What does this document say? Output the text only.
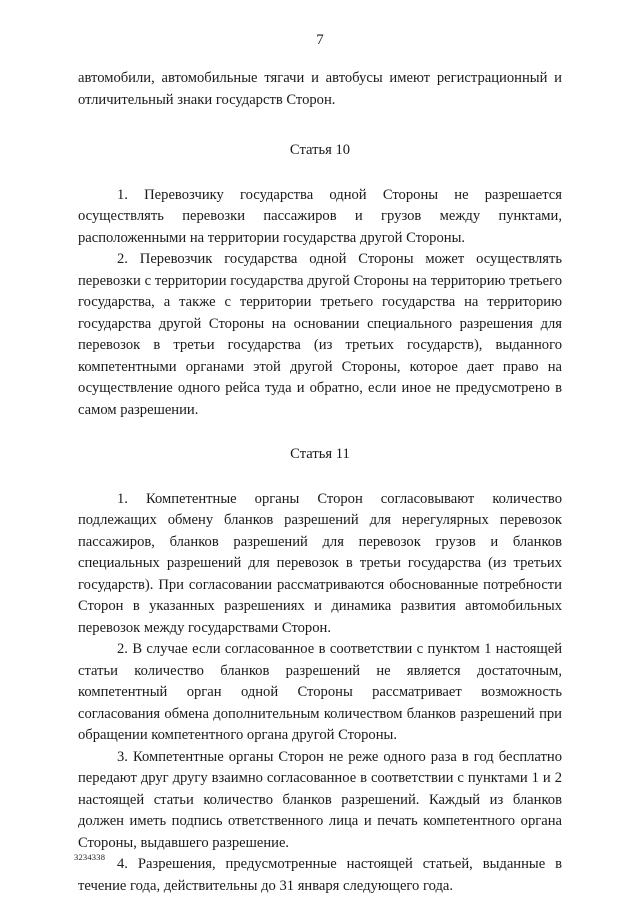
7

автомобили, автомобильные тягачи и автобусы имеют регистрационный и отличительный знаки государств Сторон.

Статья 10

1. Перевозчику государства одной Стороны не разрешается осуществлять перевозки пассажиров и грузов между пунктами, расположенными на территории государства другой Стороны.

2. Перевозчик государства одной Стороны может осуществлять перевозки с территории государства другой Стороны на территорию третьего государства, а также с территории третьего государства на территорию государства другой Стороны на основании специального разрешения для перевозок в третьи государства (из третьих государств), выданного компетентными органами этой другой Стороны, которое дает право на осуществление одного рейса туда и обратно, если иное не предусмотрено в самом разрешении.

Статья 11

1. Компетентные органы Сторон согласовывают количество подлежащих обмену бланков разрешений для нерегулярных перевозок пассажиров, бланков разрешений для перевозок грузов и бланков специальных разрешений для перевозок в третьи государства (из третьих государств). При согласовании рассматриваются обоснованные потребности Сторон в указанных разрешениях и динамика развития автомобильных перевозок между государствами Сторон.

2. В случае если согласованное в соответствии с пунктом 1 настоящей статьи количество бланков разрешений не является достаточным, компетентный орган одной Стороны рассматривает возможность согласования обмена дополнительным количеством бланков разрешений при обращении компетентного органа другой Стороны.

3. Компетентные органы Сторон не реже одного раза в год бесплатно передают друг другу взаимно согласованное в соответствии с пунктами 1 и 2 настоящей статьи количество бланков разрешений. Каждый из бланков должен иметь подпись ответственного лица и печать компетентного органа Стороны, выдавшего разрешение.

4. Разрешения, предусмотренные настоящей статьей, выданные в течение года, действительны до 31 января следующего года.

3234338
